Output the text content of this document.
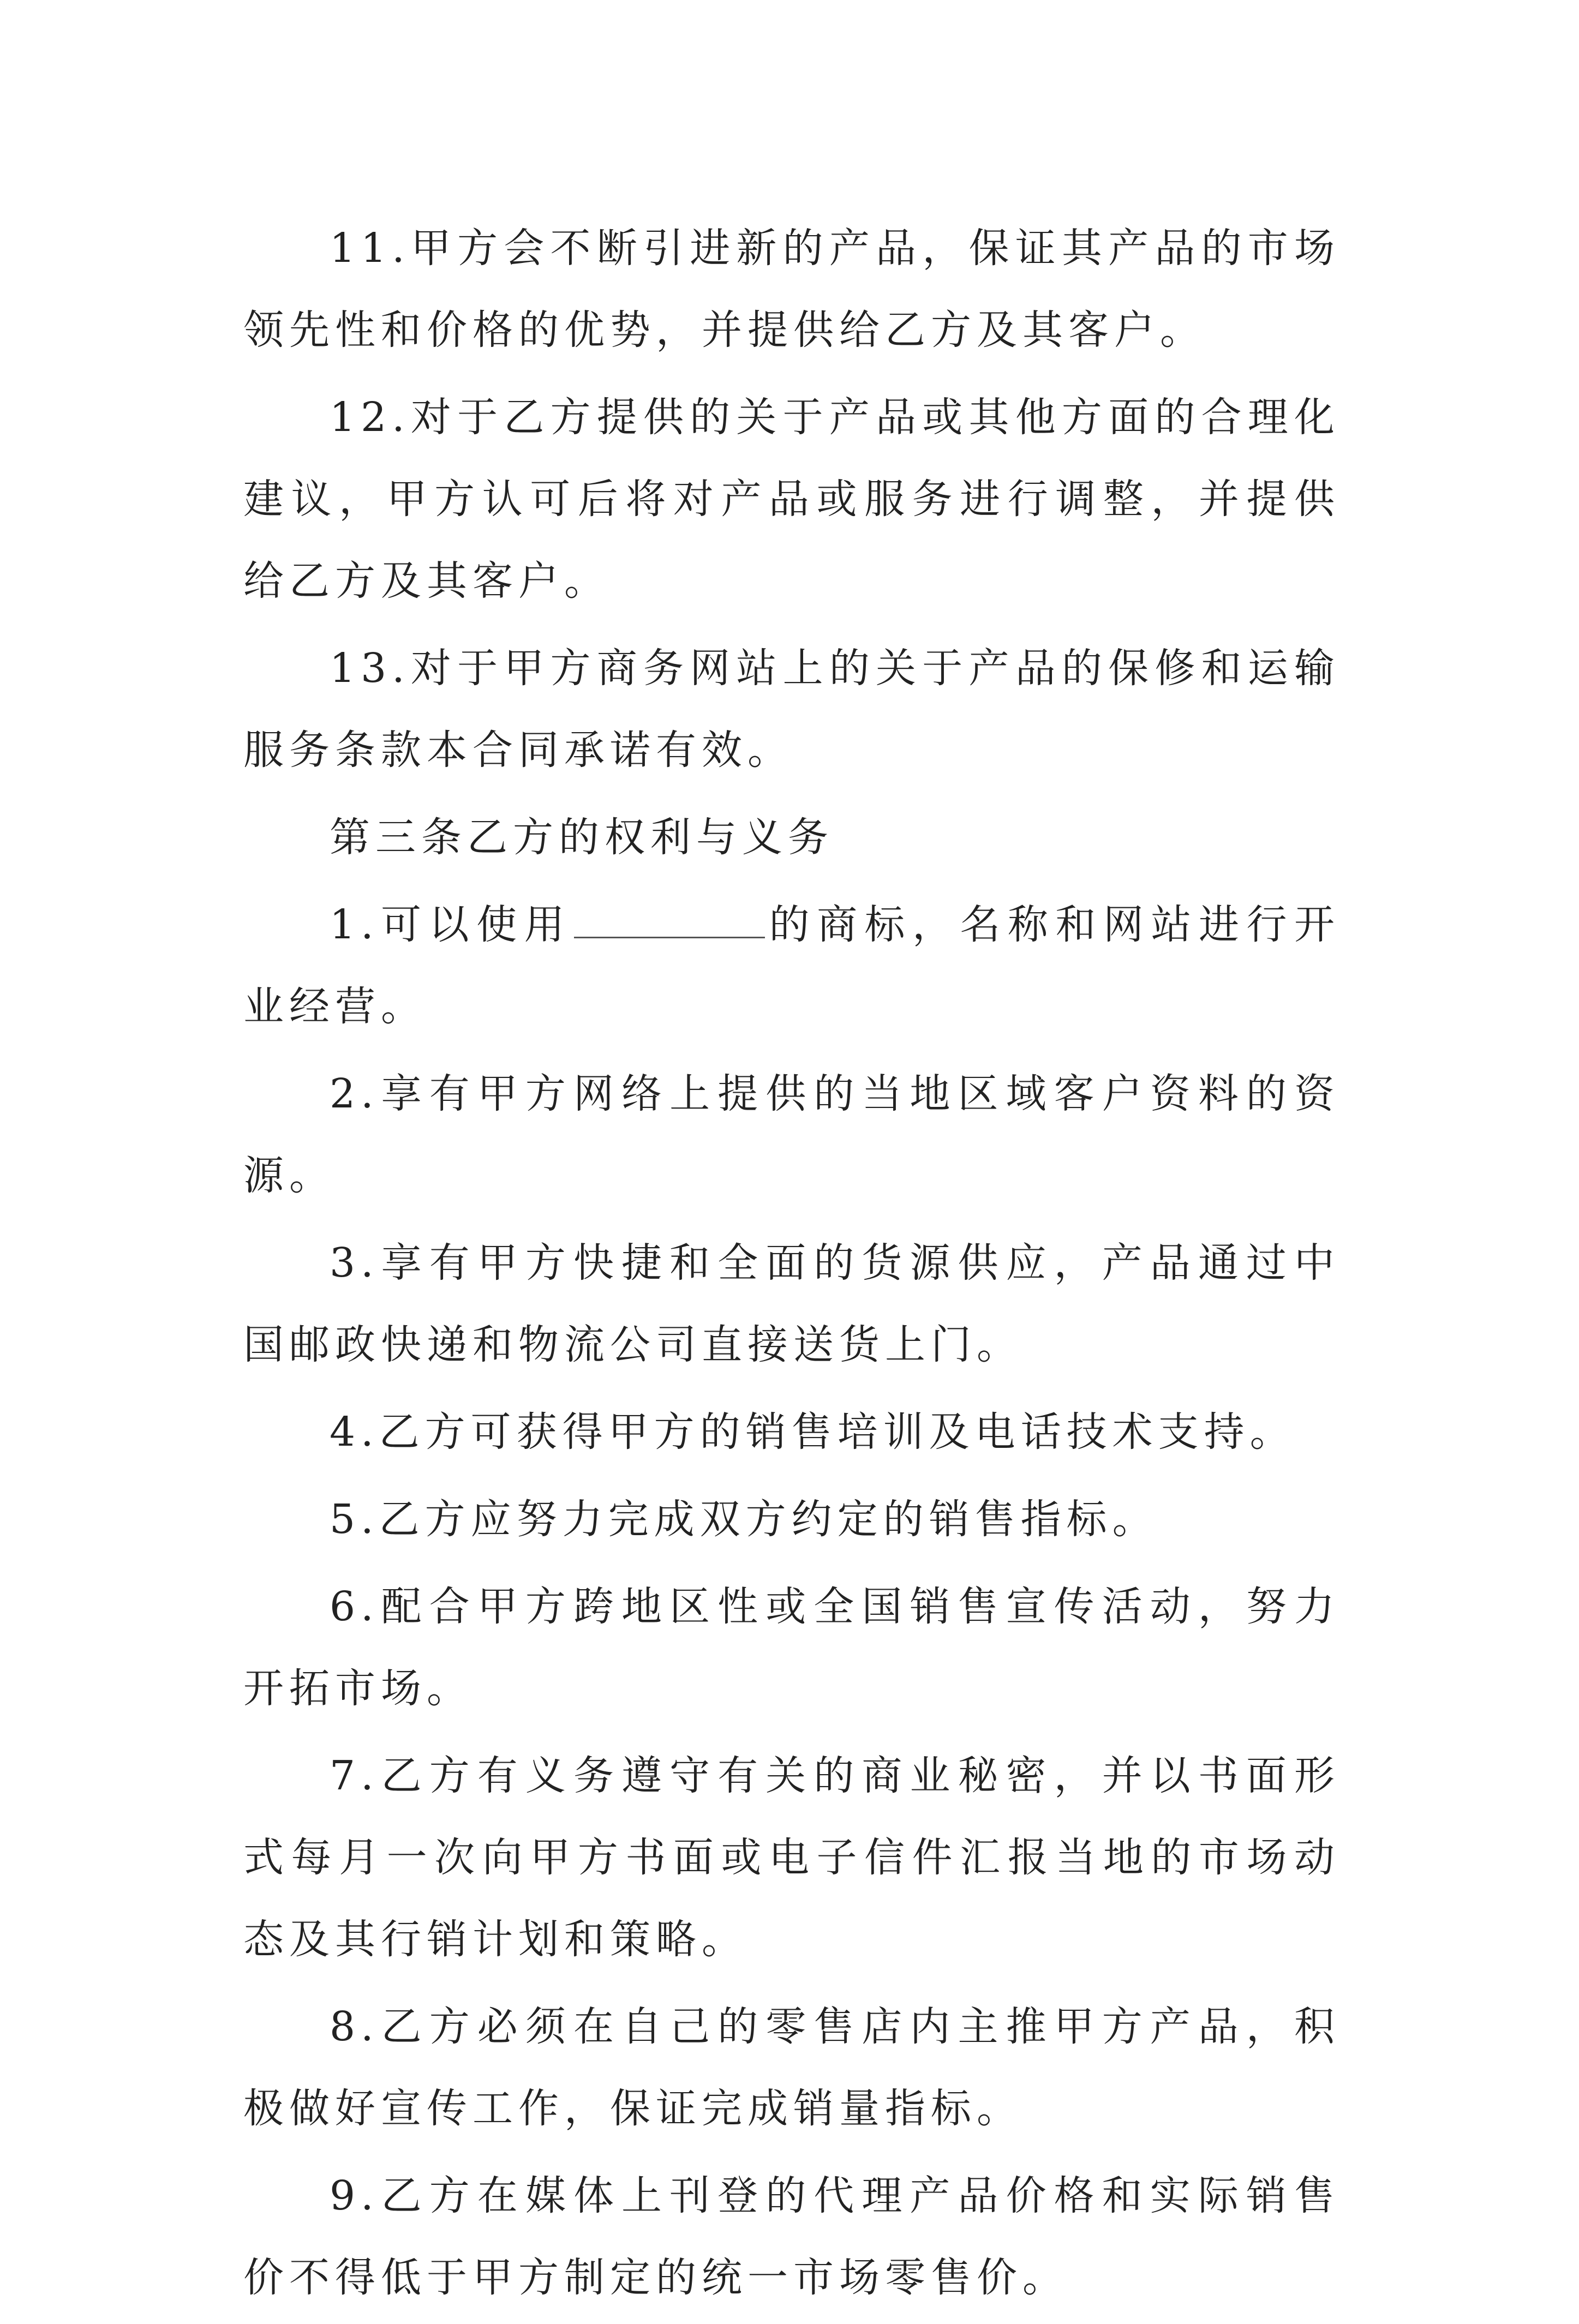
11.甲方会不断引进新的产品，保证其产品的市场领先性和价格的优势，并提供给乙方及其客户。

12.对于乙方提供的关于产品或其他方面的合理化建议，甲方认可后将对产品或服务进行调整，并提供给乙方及其客户。

13.对于甲方商务网站上的关于产品的保修和运输服务条款本合同承诺有效。

第三条乙方的权利与义务

1.可以使用	的商标，名称和网站进行开业经营。

2.享有甲方网络上提供的当地区域客户资料的资源。

3.享有甲方快捷和全面的货源供应，产品通过中国邮政快递和物流公司直接送货上门。

4.乙方可获得甲方的销售培训及电话技术支持。

5.乙方应努力完成双方约定的销售指标。

6.配合甲方跨地区性或全国销售宣传活动，努力开拓市场。

7.乙方有义务遵守有关的商业秘密，并以书面形式每月一次向甲方书面或电子信件汇报当地的市场动态及其行销计划和策略。

8.乙方必须在自己的零售店内主推甲方产品，积极做好宣传工作，保证完成销量指标。

9.乙方在媒体上刊登的代理产品价格和实际销售价不得低于甲方制定的统一市场零售价。
